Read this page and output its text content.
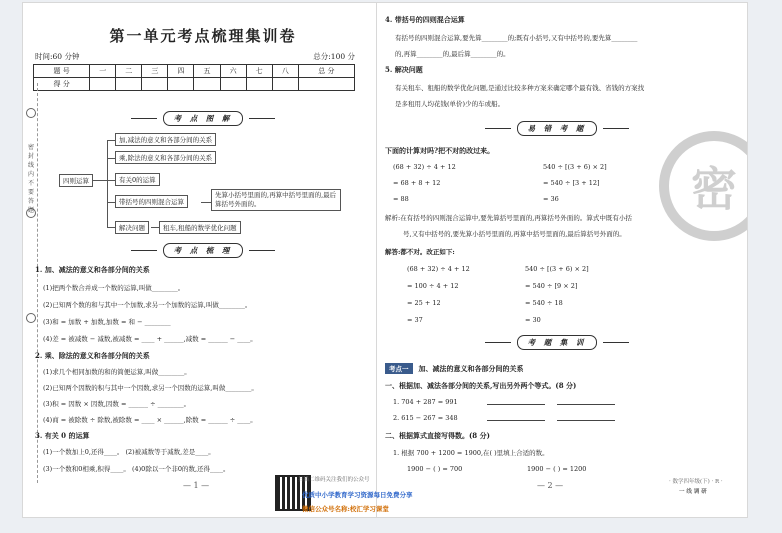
第一单元考点梳理集训卷
时间:60 分钟	总分:100 分
题 号	一	二	三	四	五	六	七	八	总 分
得 分									
密封线内不要答题
考 点 图 解
四则运算
加,减法的意义和各部分间的关系
乘,除法的意义和各部分间的关系
有关0的运算
带括号的四则混合运算
先算小括号里面的,再算中括号里面的,最后算括号外面的。
解决问题	租车,租船的数学优化问题
考 点 梳 理
1. 加、减法的意义和各部分间的关系
(1)把两个数合并成一个数的运算,叫做________。
(2)已知两个数的和与其中一个加数,求另一个加数的运算,叫做________。
(3)和 = 加数 + 加数,加数 = 和 − ________
(4)差 = 被减数 − 减数,被减数 = ____ + ______,减数 = ______ − ____。
2. 乘、除法的意义和各部分间的关系
(1)求几个相同加数的和的简便运算,叫做________。
(2)已知两个因数的积与其中一个因数,求另一个因数的运算,叫做________。
(3)积 = 因数 × 因数,因数 = ______ ÷ ________。
(4)商 = 被除数 ÷ 除数,被除数 = ____ × ______,除数 = ______ ÷ ____。
3. 有关 0 的运算
(1)一个数加上0,还得____。 (2)被减数等于减数,差是____。
(3)一个数和0相乘,积得____。 (4)0除以一个非0的数,还得____。
— 1 —
4. 带括号的四则混合运算
有括号的四则混合运算,要先算________的;既有小括号,又有中括号的,要先算________
的,再算________的,最后算________的。
5. 解决问题
有关租车、租船的数学优化问题,是通过比较多种方案来确定哪个最有钱、省钱的方案找
是多租用人均花钱(单价)少的车或船。
密
易 错 考 题
下面的计算对吗?把不对的改过来。
(68 + 32) ÷ 4 + 12
= 68 + 8 + 12
= 88
540 ÷ [(3 + 6) × 2]
= 540 ÷ [3 + 12]
= 36
解析:在有括号的四则混合运算中,要先算括号里面的,再算括号外面的。算式中既有小括
号,又有中括号的,要先算小括号里面的,再算中括号里面的,最后算括号外面的。
解答:都不对。改正如下:
(68 + 32) ÷ 4 + 12
= 100 ÷ 4 + 12
= 25 + 12
= 37
540 ÷ [(3 + 6) × 2]
= 540 ÷ [9 × 2]
= 540 ÷ 18
= 30
考 题 集 训
考点一	加、减法的意义和各部分间的关系
一、根据加、减法各部分间的关系,写出另外两个等式。(8 分)
1. 704 + 287 = 991
2. 615 − 267 = 348
二、根据算式直接写得数。(8 分)
1. 根据 700 + 1200 = 1900,在( )里填上合适的数。
1900 − ( ) = 700	1900 − ( ) = 1200
— 2 —	· 数学四年级(下) · R ·
一 线 调 研
扫描二维码关注我们的公众号
优质中小学教育学习资源每日免费分享
微信公众号名称:校汇学习课堂
